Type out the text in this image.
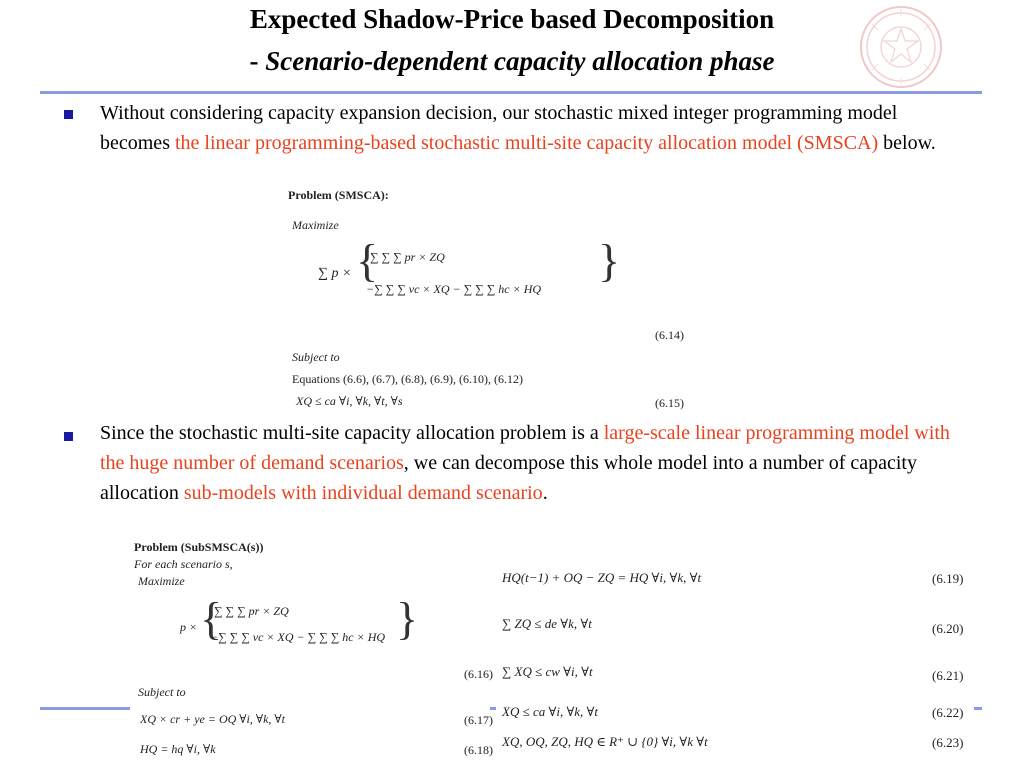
Expected Shadow-Price based Decomposition
- Scenario-dependent capacity allocation phase
Without considering capacity expansion decision, our stochastic mixed integer programming model becomes the linear programming-based stochastic multi-site capacity allocation model (SMSCA) below.
Problem (SMSCA):
Maximize
∑ p × {
∑ ∑ ∑ pr × ZQ
−∑ ∑ ∑ vc × XQ − ∑ ∑ ∑ hc × HQ
}
(6.14)
Subject to
Equations (6.6), (6.7), (6.8), (6.9), (6.10), (6.12)
XQ ≤ ca ∀i, ∀k, ∀t, ∀s	(6.15)
Since the stochastic multi-site capacity allocation problem is a large-scale linear programming model with the huge number of demand scenarios, we can decompose this whole model into a number of capacity allocation sub-models with individual demand scenario.
Problem (SubSMSCA(s))
For each scenario s,
Maximize
p × {
∑ ∑ ∑ pr × ZQ
−∑ ∑ ∑ vc × XQ − ∑ ∑ ∑ hc × HQ }
(6.16)
Subject to
XQ × cr + ye = OQ ∀i, ∀k, ∀t	(6.17)
HQ = hq ∀i, ∀k	(6.18)
HQ(t−1) + OQ − ZQ = HQ ∀i, ∀k, ∀t	(6.19)
∑ ZQ ≤ de ∀k, ∀t	(6.20)
∑ XQ ≤ cw ∀i, ∀t	(6.21)
XQ ≤ ca ∀i, ∀k, ∀t	(6.22)
XQ, OQ, ZQ, HQ ∈ R⁺ ∪ {0} ∀i, ∀k ∀t	(6.23)
